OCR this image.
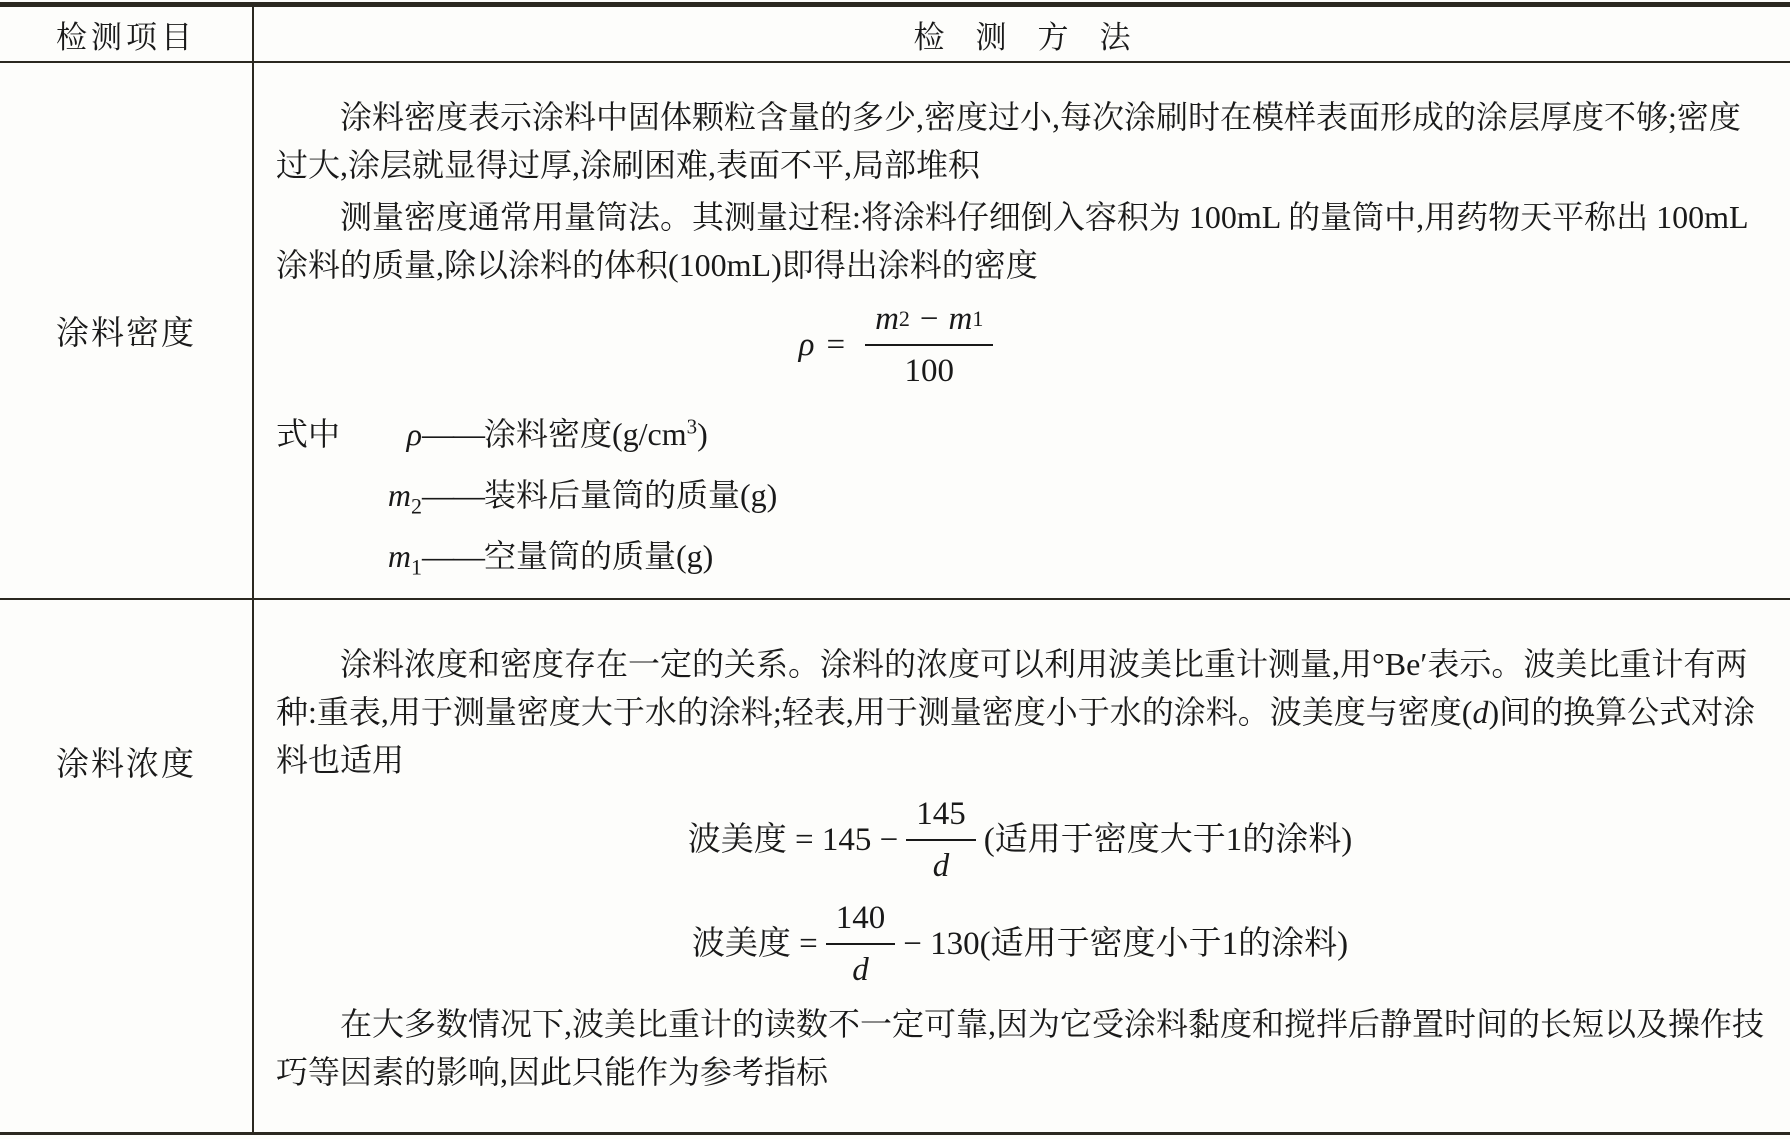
检测项目	检　测　方　法
涂料密度

涂料密度表示涂料中固体颗粒含量的多少,密度过小,每次涂刷时在模样表面形成的涂层厚度不够;密度过大,涂层就显得过厚,涂刷困难,表面不平,局部堆积

测量密度通常用量筒法。其测量过程:将涂料仔细倒入容积为 100mL 的量筒中,用药物天平称出 100mL 涂料的质量,除以涂料的体积(100mL)即得出涂料的密度

$\rho = \frac{m 2 - m 1}{100}$
式中 ρ——涂料密度$(g/cm^3)$
$m_2——$装料后量筒的质量(g)
$m_1——$空量筒的质量(g)
涂料浓度

涂料浓度和密度存在一定的关系。涂料的浓度可以利用波美比重计测量,用°Be′表示。波美比重计有两种:重表,用于测量密度大于水的涂料;轻表,用于测量密度小于水的涂料。波美度与密度(d)间的换算公式对涂料也适用

波美度 = $145 - \frac{145}{d}$ (适用于密度大于1的涂料)
波美度 = $\frac{140}{d} - 130$(适用于密度小于1的涂料)

在大多数情况下,波美比重计的读数不一定可靠,因为它受涂料黏度和搅拌后静置时间的长短以及操作技巧等因素的影响,因此只能作为参考指标
